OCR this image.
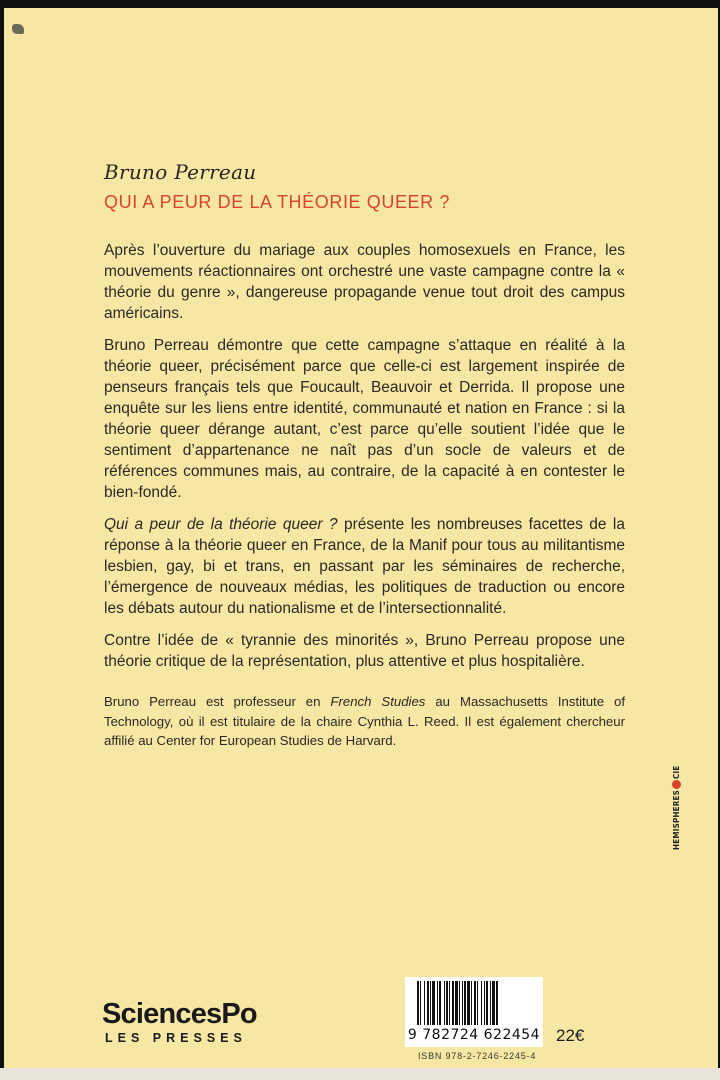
Bruno Perreau
QUI A PEUR DE LA THÉORIE QUEER ?

Après l’ouverture du mariage aux couples homosexuels en France, les mouvements réactionnaires ont orchestré une vaste campagne contre la « théorie du genre », dangereuse propagande venue tout droit des campus américains.

Bruno Perreau démontre que cette campagne s’attaque en réalité à la théorie queer, précisément parce que celle-ci est largement inspirée de penseurs français tels que Foucault, Beauvoir et Derrida. Il propose une enquête sur les liens entre identité, communauté et nation en France : si la théorie queer dérange autant, c’est parce qu’elle soutient l’idée que le sentiment d’appartenance ne naît pas d’un socle de valeurs et de références communes mais, au contraire, de la capacité à en contester le bien-fondé.

Qui a peur de la théorie queer ? présente les nombreuses facettes de la réponse à la théorie queer en France, de la Manif pour tous au militantisme lesbien, gay, bi et trans, en passant par les séminaires de recherche, l’émergence de nouveaux médias, les politiques de traduction ou encore les débats autour du nationalisme et de l’intersectionnalité.

Contre l’idée de « tyrannie des minorités », Bruno Perreau propose une théorie critique de la représentation, plus attentive et plus hospitalière.

Bruno Perreau est professeur en French Studies au Massachusetts Institute of Technology, où il est titulaire de la chaire Cynthia L. Reed. Il est également chercheur affilié au Center for European Studies de Harvard.

HEMISPHERES
CIE
SciencesPo
LES PRESSES	9 782724 622454 22€
ISBN 978-2-7246-2245-4
